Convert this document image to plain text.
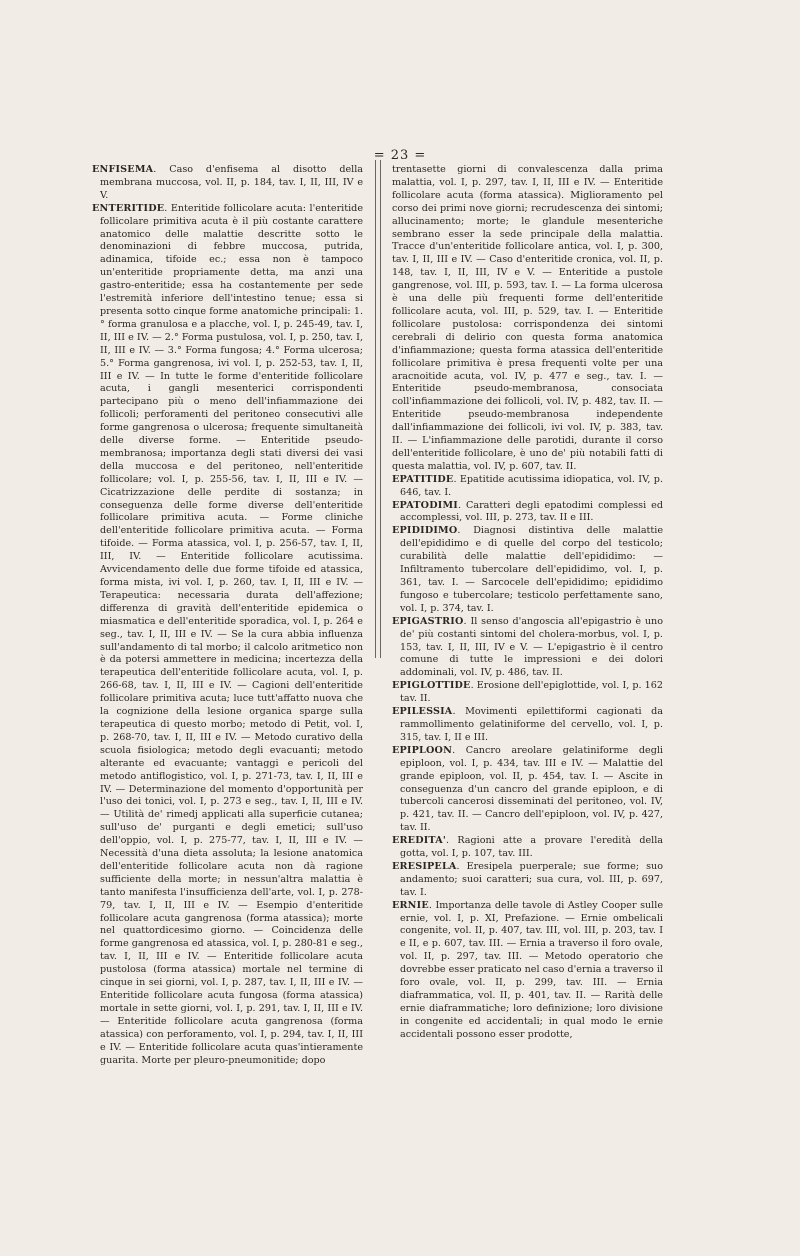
= 23 =

ENFISEMA. Caso d'enfisema al disotto della membrana muccosa, vol. II, p. 184, tav. I, II, III, IV e V.

ENTERITIDE. Enteritide follicolare acuta: l'enteritide follicolare primitiva acuta è il più costante carattere anatomico delle malattie descritte sotto le denominazioni di febbre muccosa, putrida, adinamica, tifoide ec.; essa non è tampoco un'enteritide propriamente detta, ma anzi una gastro-enteritide; essa ha costantemente per sede l'estremità inferiore dell'intestino tenue; essa si presenta sotto cinque forme anatomiche principali: 1.° forma granulosa e a placche, vol. I, p. 245-49, tav. I, II, III e IV. — 2.° Forma pustulosa, vol. I, p. 250, tav. I, II, III e IV. — 3.° Forma fungosa; 4.° Forma ulcerosa; 5.° Forma gangrenosa, ivi vol. I, p. 252-53, tav. I, II, III e IV. — In tutte le forme d'enteritide follicolare acuta, i gangli mesenterici corrispondenti partecipano più o meno dell'infiammazione dei follicoli; perforamenti del peritoneo consecutivi alle forme gangrenosa o ulcerosa; frequente simultaneità delle diverse forme. — Enteritide pseudo-membranosa; importanza degli stati diversi dei vasi della muccosa e del peritoneo, nell'enteritide follicolare; vol. I, p. 255-56, tav. I, II, III e IV. — Cicatrizzazione delle perdite di sostanza; in conseguenza delle forme diverse dell'enteritide follicolare primitiva acuta. — Forme cliniche dell'enteritide follicolare primitiva acuta. — Forma tifoide. — Forma atassica, vol. I, p. 256-57, tav. I, II, III, IV. — Enteritide follicolare acutissima. Avvicendamento delle due forme tifoide ed atassica, forma mista, ivi vol. I, p. 260, tav. I, II, III e IV. — Terapeutica: necessaria durata dell'affezione; differenza di gravità dell'enteritide epidemica o miasmatica e dell'enteritide sporadica, vol. I, p. 264 e seg., tav. I, II, III e IV. — Se la cura abbia influenza sull'andamento di tal morbo; il calcolo aritmetico non è da potersi ammettere in medicina; incertezza della terapeutica dell'enteritide follicolare acuta, vol. I, p. 266-68, tav. I, II, III e IV. — Cagioni dell'enteritide follicolare primitiva acuta; luce tutt'affatto nuova che la cognizione della lesione organica sparge sulla terapeutica di questo morbo; metodo di Petit, vol. I, p. 268-70, tav. I, II, III e IV. — Metodo curativo della scuola fisiologica; metodo degli evacuanti; metodo alterante ed evacuante; vantaggi e pericoli del metodo antiflogistico, vol. I, p. 271-73, tav. I, II, III e IV. — Determinazione del momento d'opportunità per l'uso dei tonici, vol. I, p. 273 e seg., tav. I, II, III e IV. — Utilità de' rimedj applicati alla superficie cutanea; sull'uso de' purganti e degli emetici; sull'uso dell'oppio, vol. I, p. 275-77, tav. I, II, III e IV. — Necessità d'una dieta assoluta; la lesione anatomica dell'enteritide follicolare acuta non dà ragione sufficiente della morte; in nessun'altra malattia è tanto manifesta l'insufficienza dell'arte, vol. I, p. 278-79, tav. I, II, III e IV. — Esempio d'enteritide follicolare acuta gangrenosa (forma atassica); morte nel quattordicesimo giorno. — Coincidenza delle forme gangrenosa ed atassica, vol. I, p. 280-81 e seg., tav. I, II, III e IV. — Enteritide follicolare acuta pustolosa (forma atassica) mortale nel termine di cinque in sei giorni, vol. I, p. 287, tav. I, II, III e IV. — Enteritide follicolare acuta fungosa (forma atassica) mortale in sette giorni, vol. I, p. 291, tav. I, II, III e IV. — Enteritide follicolare acuta gangrenosa (forma atassica) con perforamento, vol. I, p. 294, tav. I, II, III e IV. — Enteritide follicolare acuta quas'intieramente guarita. Morte per pleuro-pneumonitide; dopo

trentasette giorni di convalescenza dalla prima malattia, vol. I, p. 297, tav. I, II, III e IV. — Enteritide follicolare acuta (forma atassica). Miglioramento pel corso dei primi nove giorni; recrudescenza dei sintomi; allucinamento; morte; le glandule mesenteriche sembrano esser la sede principale della malattia. Tracce d'un'enteritide follicolare antica, vol. I, p. 300, tav. I, II, III e IV. — Caso d'enteritide cronica, vol. II, p. 148, tav. I, II, III, IV e V. — Enteritide a pustole gangrenose, vol. III, p. 593, tav. I. — La forma ulcerosa è una delle più frequenti forme dell'enteritide follicolare acuta, vol. III, p. 529, tav. I. — Enteritide follicolare pustolosa: corrispondenza dei sintomi cerebrali di delirio con questa forma anatomica d'infiammazione; questa forma atassica dell'enteritide follicolare primitiva è presa frequenti volte per una aracnoitide acuta, vol. IV, p. 477 e seg., tav. I. — Enteritide pseudo-membranosa, consociata coll'infiammazione dei follicoli, vol. IV, p. 482, tav. II. — Enteritide pseudo-membranosa independente dall'infiammazione dei follicoli, ivi vol. IV, p. 383, tav. II. — L'infiammazione delle parotidi, durante il corso dell'enteritide follicolare, è uno de' più notabili fatti di questa malattia, vol. IV, p. 607, tav. II.

EPATITIDE. Epatitide acutissima idiopatica, vol. IV, p. 646, tav. I.

EPATODIMI. Caratteri degli epatodimi complessi ed accomplessi, vol. III, p. 273, tav. II e III.

EPIDIDIMO. Diagnosi distintiva delle malattie dell'epididimo e di quelle del corpo del testicolo; curabilità delle malattie dell'epididimo: — Infiltramento tubercolare dell'epididimo, vol. I, p. 361, tav. I. — Sarcocele dell'epididimo; epididimo fungoso e tubercolare; testicolo perfettamente sano, vol. I, p. 374, tav. I.

EPIGASTRIO. Il senso d'angoscia all'epigastrio è uno de' più costanti sintomi del cholera-morbus, vol. I, p. 153, tav. I, II, III, IV e V. — L'epigastrio è il centro comune di tutte le impressioni e dei dolori addominali, vol. IV, p. 486, tav. II.

EPIGLOTTIDE. Erosione dell'epiglottide, vol. I, p. 162 tav. II.

EPILESSIA. Movimenti epilettiformi cagionati da rammollimento gelatiniforme del cervello, vol. I, p. 315, tav. I, II e III.

EPIPLOON. Cancro areolare gelatiniforme degli epiploon, vol. I, p. 434, tav. III e IV. — Malattie del grande epiploon, vol. II, p. 454, tav. I. — Ascite in conseguenza d'un cancro del grande epiploon, e di tubercoli cancerosi disseminati del peritoneo, vol. IV, p. 421, tav. II. — Cancro dell'epiploon, vol. IV, p. 427, tav. II.

EREDITA'. Ragioni atte a provare l'eredità della gotta, vol. I, p. 107, tav. III.

ERESIPELA. Eresipela puerperale; sue forme; suo andamento; suoi caratteri; sua cura, vol. III, p. 697, tav. I.

ERNIE. Importanza delle tavole di Astley Cooper sulle ernie, vol. I, p. XI, Prefazione. — Ernie ombelicali congenite, vol. II, p. 407, tav. III, vol. III, p. 203, tav. I e II, e p. 607, tav. III. — Ernia a traverso il foro ovale, vol. II, p. 297, tav. III. — Metodo operatorio che dovrebbe esser praticato nel caso d'ernia a traverso il foro ovale, vol. II, p. 299, tav. III. — Ernia diaframmatica, vol. II, p. 401, tav. II. — Rarità delle ernie diaframmatiche; loro definizione; loro divisione in congenite ed accidentali; in qual modo le ernie accidentali possono esser prodotte,
